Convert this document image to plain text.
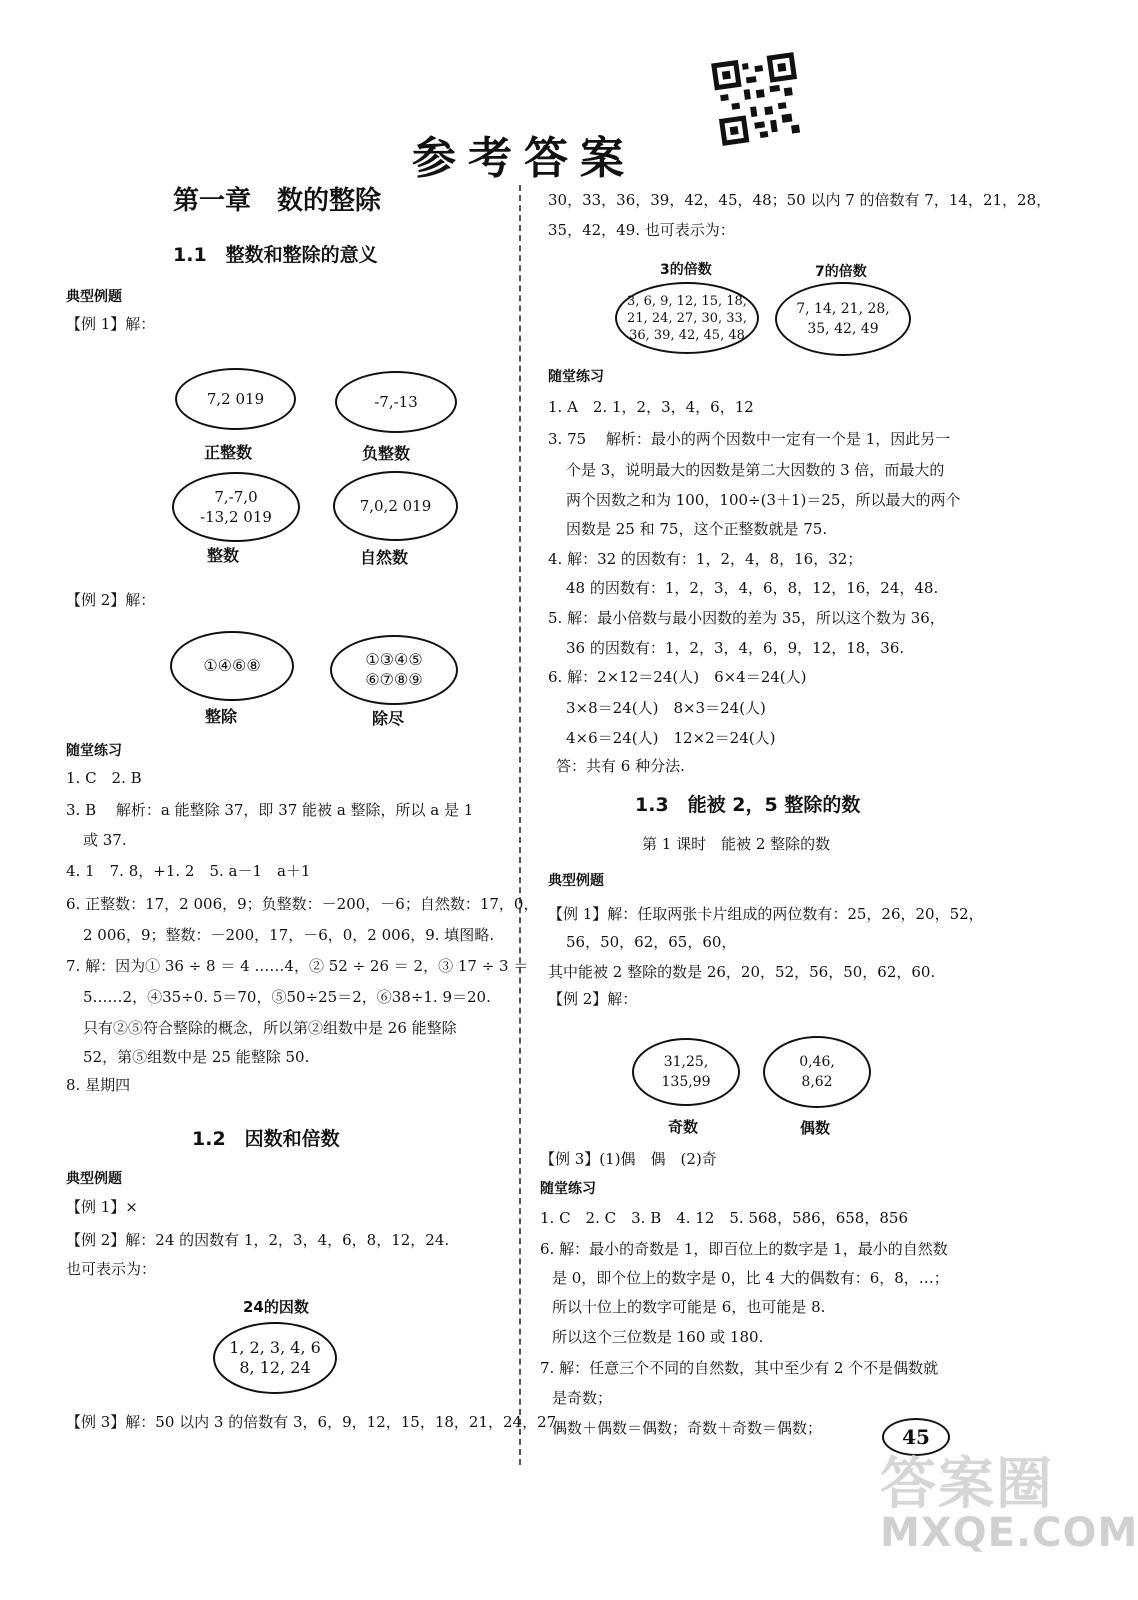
参考答案
第一章　数的整除
1.1　整数和整除的意义
典型例题
【例 1】解：
7,2 019
正整数
-7,-13
负整数
7,-7,0
-13,2 019
整数
7,0,2 019
自然数
【例 2】解：
①④⑥⑧
整除
①③④⑤
⑥⑦⑧⑨
除尽
随堂练习
1. C　2. B
3. B　 解析：a 能整除 37，即 37 能被 a 整除，所以 a 是 1
或 37.
4. 1　7. 8，+1. 2　5. a－1　a＋1
6. 正整数：17，2 006，9；负整数：－200，－6；自然数：17，0，
2 006，9；整数：－200，17，－6，0，2 006，9. 填图略.
7. 解：因为① 36 ÷ 8 ＝ 4 ……4，② 52 ÷ 26 ＝ 2，③ 17 ÷ 3 ＝
5……2，④35÷0. 5＝70，⑤50÷25＝2，⑥38÷1. 9＝20.
只有②⑤符合整除的概念，所以第②组数中是 26 能整除
52，第⑤组数中是 25 能整除 50.
8. 星期四
1.2　因数和倍数
典型例题
【例 1】×
【例 2】解：24 的因数有 1，2，3，4，6，8，12，24.
也可表示为：
24的因数
1, 2, 3, 4, 6
8, 12, 24
【例 3】解：50 以内 3 的倍数有 3，6，9，12，15，18，21，24，27，
30，33，36，39，42，45，48；50 以内 7 的倍数有 7，14，21，28，
35，42，49. 也可表示为：
3的倍数
3, 6, 9, 12, 15, 18,
21, 24, 27, 30, 33,
36, 39, 42, 45, 48
7的倍数
7, 14, 21, 28,
35, 42, 49
随堂练习
1. A　2. 1，2，3，4，6，12
3. 75　 解析：最小的两个因数中一定有一个是 1，因此另一
个是 3，说明最大的因数是第二大因数的 3 倍，而最大的
两个因数之和为 100，100÷(3＋1)＝25，所以最大的两个
因数是 25 和 75，这个正整数就是 75.
4. 解：32 的因数有：1，2，4，8，16，32；
48 的因数有：1，2，3，4，6，8，12，16，24，48.
5. 解：最小倍数与最小因数的差为 35，所以这个数为 36，
36 的因数有：1，2，3，4，6，9，12，18，36.
6. 解：2×12＝24(人)　6×4＝24(人)
3×8＝24(人)　8×3＝24(人)
4×6＝24(人)　12×2＝24(人)
答：共有 6 种分法.
1.3　能被 2，5 整除的数
第 1 课时　能被 2 整除的数
典型例题
【例 1】解：任取两张卡片组成的两位数有：25，26，20，52，
56，50，62，65，60，
其中能被 2 整除的数是 26，20，52，56，50，62，60.
【例 2】解：
31,25,
135,99
奇数
0,46,
8,62
偶数
【例 3】(1)偶　偶　(2)奇
随堂练习
1. C　2. C　3. B　4. 12　5. 568，586，658，856
6. 解：最小的奇数是 1，即百位上的数字是 1，最小的自然数
是 0，即个位上的数字是 0，比 4 大的偶数有：6，8，…；
所以十位上的数字可能是 6，也可能是 8.
所以这个三位数是 160 或 180.
7. 解：任意三个不同的自然数，其中至少有 2 个不是偶数就
是奇数；
偶数＋偶数＝偶数；奇数＋奇数＝偶数；	45
答案圈
MXQE.COM
